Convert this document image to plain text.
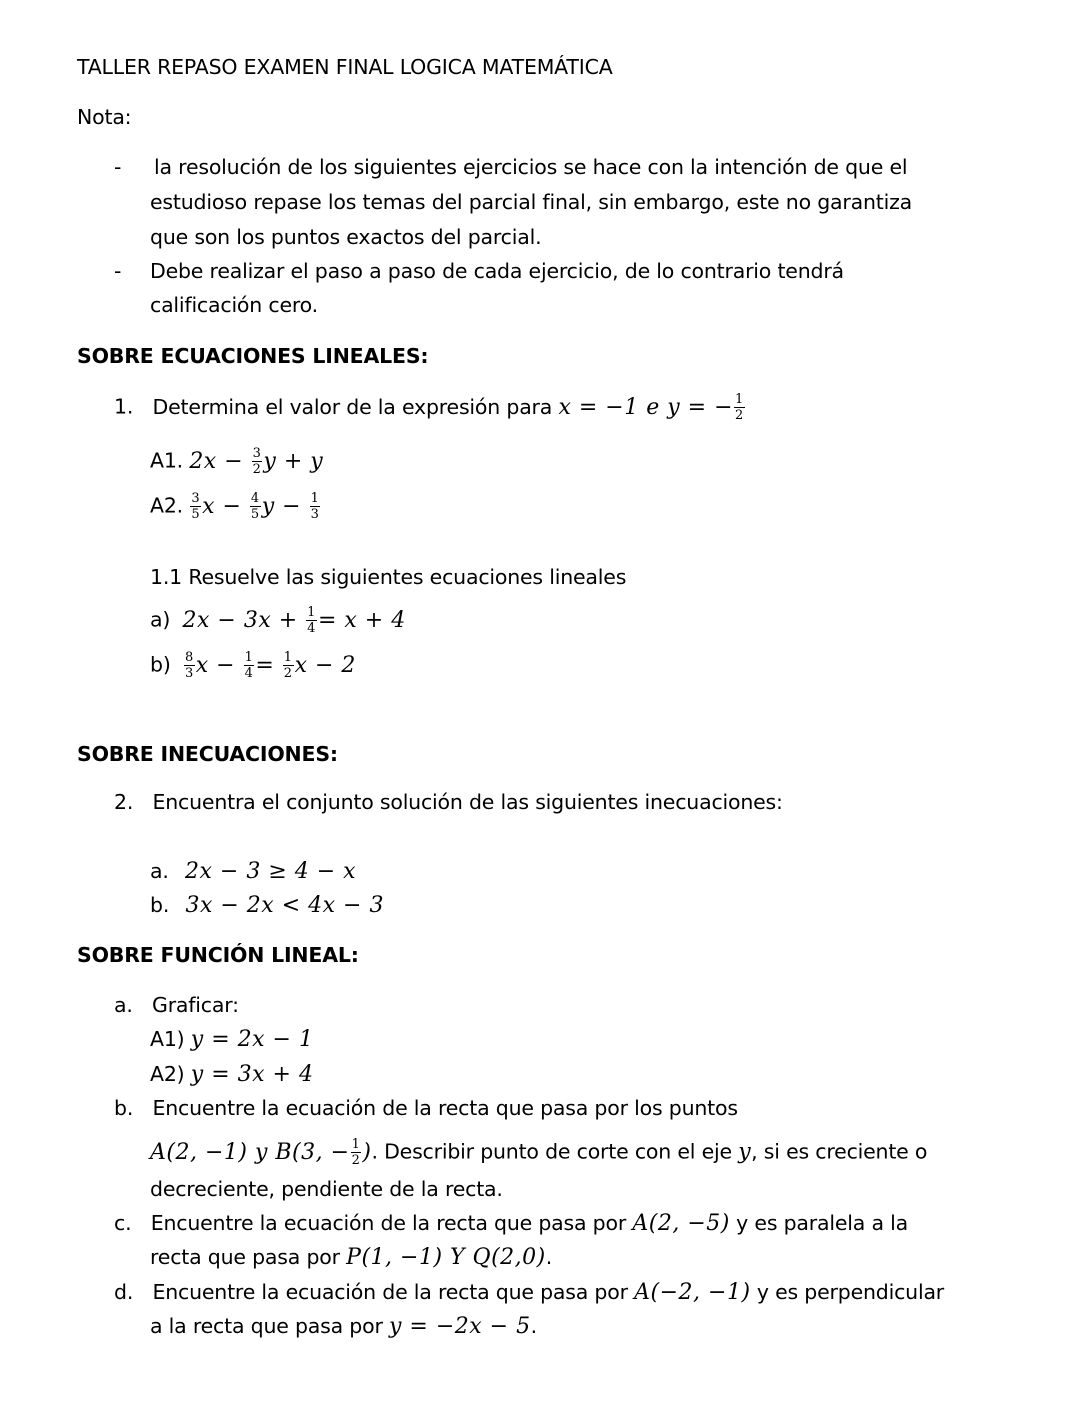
TALLER REPASO EXAMEN FINAL LOGICA MATEMÁTICA
Nota:
- la resolución de los siguientes ejercicios se hace con la intención de que el
estudioso repase los temas del parcial final, sin embargo, este no garantiza
que son los puntos exactos del parcial.
- Debe realizar el paso a paso de cada ejercicio, de lo contrario tendrá
calificación cero.
SOBRE ECUACIONES LINEALES:
1. Determina el valor de la expresión para x = −1 e y = − $\frac{1}{2}$
A1. $2x - \frac{3}{2}$ y + y
A2. $\frac{3}{5}$ $x - \frac{4}{5}$ $y - \frac{1}{3}$
1.1 Resuelve las siguientes ecuaciones lineales
a) $2x - 3x + \frac{1}{4} = x + 4$
$b) \frac{8}{3}$ $x - \frac{1}{4} = \frac{1}{2}$ x − 2
SOBRE INECUACIONES:
2. Encuentra el conjunto solución de las siguientes inecuaciones:
a. 2x − 3 ≥ 4 − x
b. 3x − 2x < 4x − 3
SOBRE FUNCIÓN LINEAL:
a. Graficar:
A1) y = 2x − 1
A2) y = 3x + 4
b. Encuentre la ecuación de la recta que pasa por los puntos
A(2, −1) y B(3, − $\frac{1}{2}$ ). Describir punto de corte con el eje y, si es creciente o
decreciente, pendiente de la recta.
c. Encuentre la ecuación de la recta que pasa por A(2, −5) y es paralela a la
recta que pasa por P(1, −1) Y Q(2,0).
d. Encuentre la ecuación de la recta que pasa por A(−2, −1) y es perpendicular
a la recta que pasa por y = −2x − 5.
